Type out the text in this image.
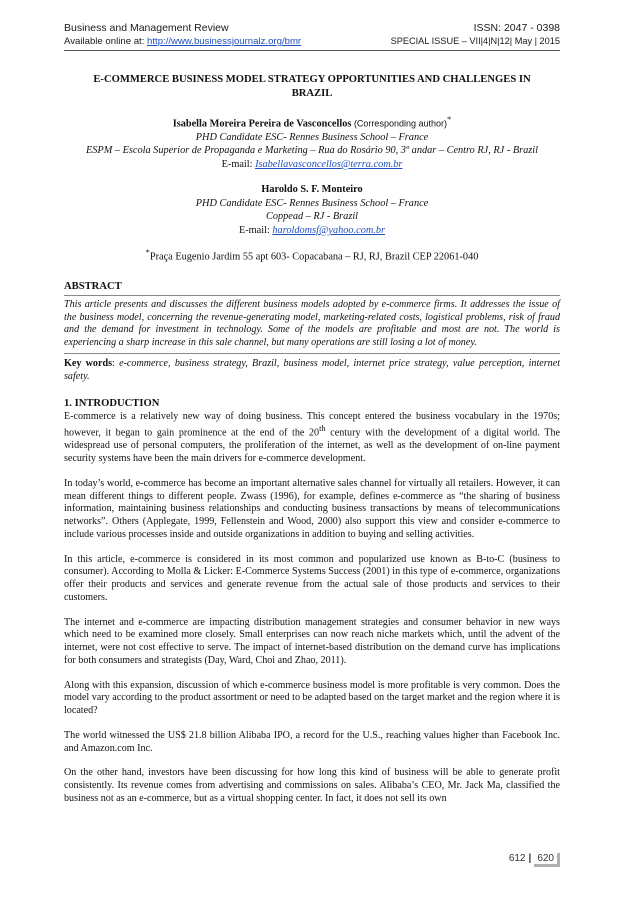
Business and Management Review	ISSN: 2047 - 0398
Available online at: http://www.businessjournalz.org/bmr	SPECIAL ISSUE – VII|4|N|12| May | 2015
E-COMMERCE BUSINESS MODEL STRATEGY OPPORTUNITIES AND CHALLENGES IN BRAZIL
Isabella Moreira Pereira de Vasconcellos (Corresponding author)*
PHD Candidate ESC- Rennes Business School – France
ESPM – Escola Superior de Propaganda e Marketing – Rua do Rosário 90, 3º andar – Centro RJ, RJ - Brazil
E-mail: Isabellavasconcellos@terra.com.br
Haroldo S. F. Monteiro
PHD Candidate ESC- Rennes Business School – France
Coppead – RJ - Brazil
E-mail: haroldomsf@yahoo.com.br
*Praça Eugenio Jardim 55 apt 603- Copacabana – RJ, RJ, Brazil CEP 22061-040
ABSTRACT
This article presents and discusses the different business models adopted by e-commerce firms. It addresses the issue of the business model, concerning the revenue-generating model, marketing-related costs, logistical problems, risk of fraud and the demand for investment in technology. Some of the models are profitable and most are not. The world is experiencing a sharp increase in this sale channel, but many operations are still losing a lot of money.
Key words: e-commerce, business strategy, Brazil, business model, internet price strategy, value perception, internet safety.
1. INTRODUCTION
E-commerce is a relatively new way of doing business. This concept entered the business vocabulary in the 1970s; however, it began to gain prominence at the end of the 20th century with the development of a digital world. The widespread use of personal computers, the proliferation of the internet, as well as the development of on-line payment security systems have been the main drivers for e-commerce development.
In today’s world, e-commerce has become an important alternative sales channel for virtually all retailers. However, it can mean different things to different people. Zwass (1996), for example, defines e-commerce as “the sharing of business information, maintaining business relationships and conducting business transactions by means of telecommunications networks”. Others (Applegate, 1999, Fellenstein and Wood, 2000) also support this view and consider e-commerce to include various processes inside and outside organizations in addition to buying and selling activities.
In this article, e-commerce is considered in its most common and popularized use known as B-to-C (business to consumer). According to Molla & Licker: E-Commerce Systems Success (2001) in this type of e-commerce, organizations offer their products and services and generate revenue from the actual sale of those products and services to their customers.
The internet and e-commerce are impacting distribution management strategies and consumer behavior in new ways which need to be examined more closely. Small enterprises can now reach niche markets which, until the advent of the internet, were not cost effective to serve. The impact of internet-based distribution on the demand curve has implications for both consumers and strategists (Day, Ward, Choi and Zhao, 2011).
Along with this expansion, discussion of which e-commerce business model is more profitable is very common. Does the model vary according to the product assortment or need to be adapted based on the target market and the region where it is located?
The world witnessed the US$ 21.8 billion Alibaba IPO, a record for the U.S., reaching values higher than Facebook Inc. and Amazon.com Inc.
On the other hand, investors have been discussing for how long this kind of business will be able to generate profit consistently. Its revenue comes from advertising and commissions on sales. Alibaba’s CEO, Mr. Jack Ma, classified the business not as an e-commerce, but as a virtual shopping center. In fact, it does not sell its own
612 | 620
